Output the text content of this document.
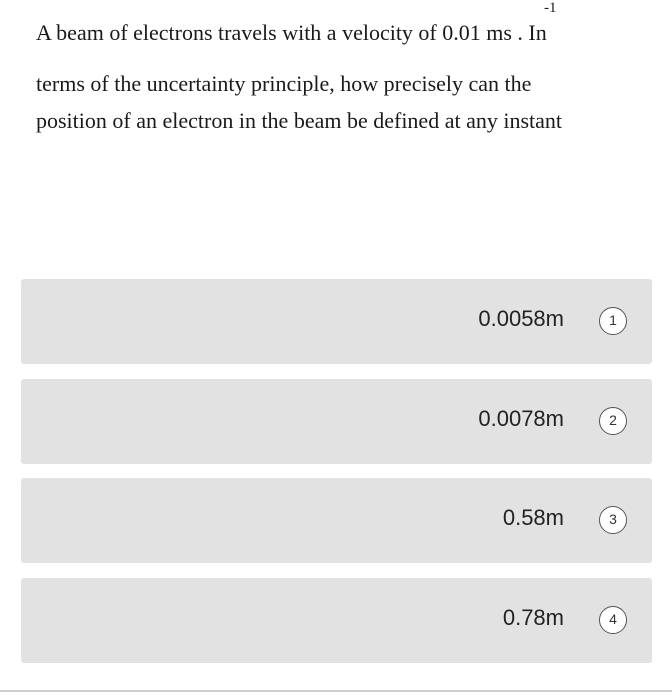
-1
A beam of electrons travels with a velocity of 0.01 ms . In
terms of the uncertainty principle, how precisely can the
position of an electron in the beam be defined at any instant
0.0058m	1
0.0078m	2
0.58m	3
0.78m	4
